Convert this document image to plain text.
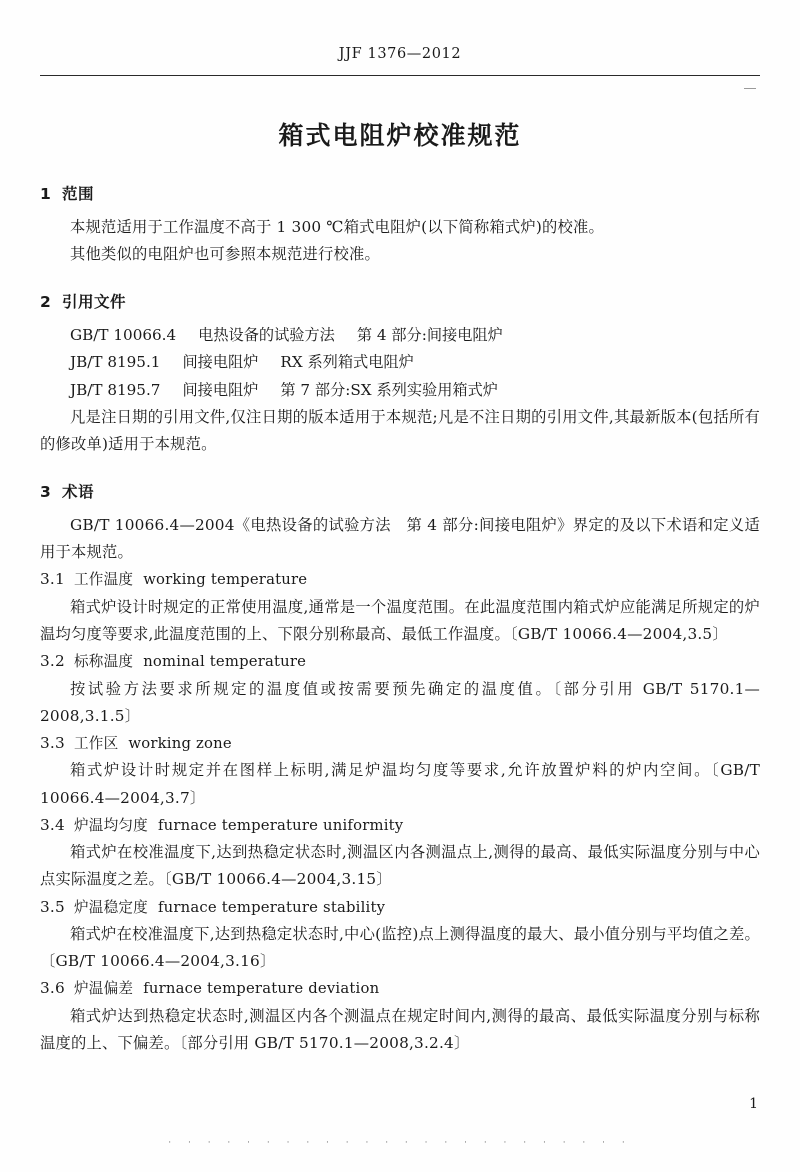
JJF 1376—2012
箱式电阻炉校准规范
1 范围

本规范适用于工作温度不高于 1 300 ℃箱式电阻炉(以下简称箱式炉)的校准。

其他类似的电阻炉也可参照本规范进行校准。

2 引用文件

GB/T 10066.4 电热设备的试验方法 第 4 部分:间接电阻炉

JB/T 8195.1 间接电阻炉 RX 系列箱式电阻炉

JB/T 8195.7 间接电阻炉 第 7 部分:SX 系列实验用箱式炉

凡是注日期的引用文件,仅注日期的版本适用于本规范;凡是不注日期的引用文件,其最新版本(包括所有的修改单)适用于本规范。

3 术语

GB/T 10066.4—2004《电热设备的试验方法　第 4 部分:间接电阻炉》界定的及以下术语和定义适用于本规范。

3.1 工作温度 working temperature

箱式炉设计时规定的正常使用温度,通常是一个温度范围。在此温度范围内箱式炉应能满足所规定的炉温均匀度等要求,此温度范围的上、下限分别称最高、最低工作温度。〔GB/T 10066.4—2004,3.5〕

3.2 标称温度 nominal temperature

按试验方法要求所规定的温度值或按需要预先确定的温度值。〔部分引用 GB/T 5170.1—2008,3.1.5〕

3.3 工作区 working zone

箱式炉设计时规定并在图样上标明,满足炉温均匀度等要求,允许放置炉料的炉内空间。〔GB/T 10066.4—2004,3.7〕

3.4 炉温均匀度 furnace temperature uniformity

箱式炉在校准温度下,达到热稳定状态时,测温区内各测温点上,测得的最高、最低实际温度分别与中心点实际温度之差。〔GB/T 10066.4—2004,3.15〕

3.5 炉温稳定度 furnace temperature stability

箱式炉在校准温度下,达到热稳定状态时,中心(监控)点上测得温度的最大、最小值分别与平均值之差。〔GB/T 10066.4—2004,3.16〕

3.6 炉温偏差 furnace temperature deviation

箱式炉达到热稳定状态时,测温区内各个测温点在规定时间内,测得的最高、最低实际温度分别与标称温度的上、下偏差。〔部分引用 GB/T 5170.1—2008,3.2.4〕

1
· · · · · · · · · · · · · · · · · · · · · · · ·
